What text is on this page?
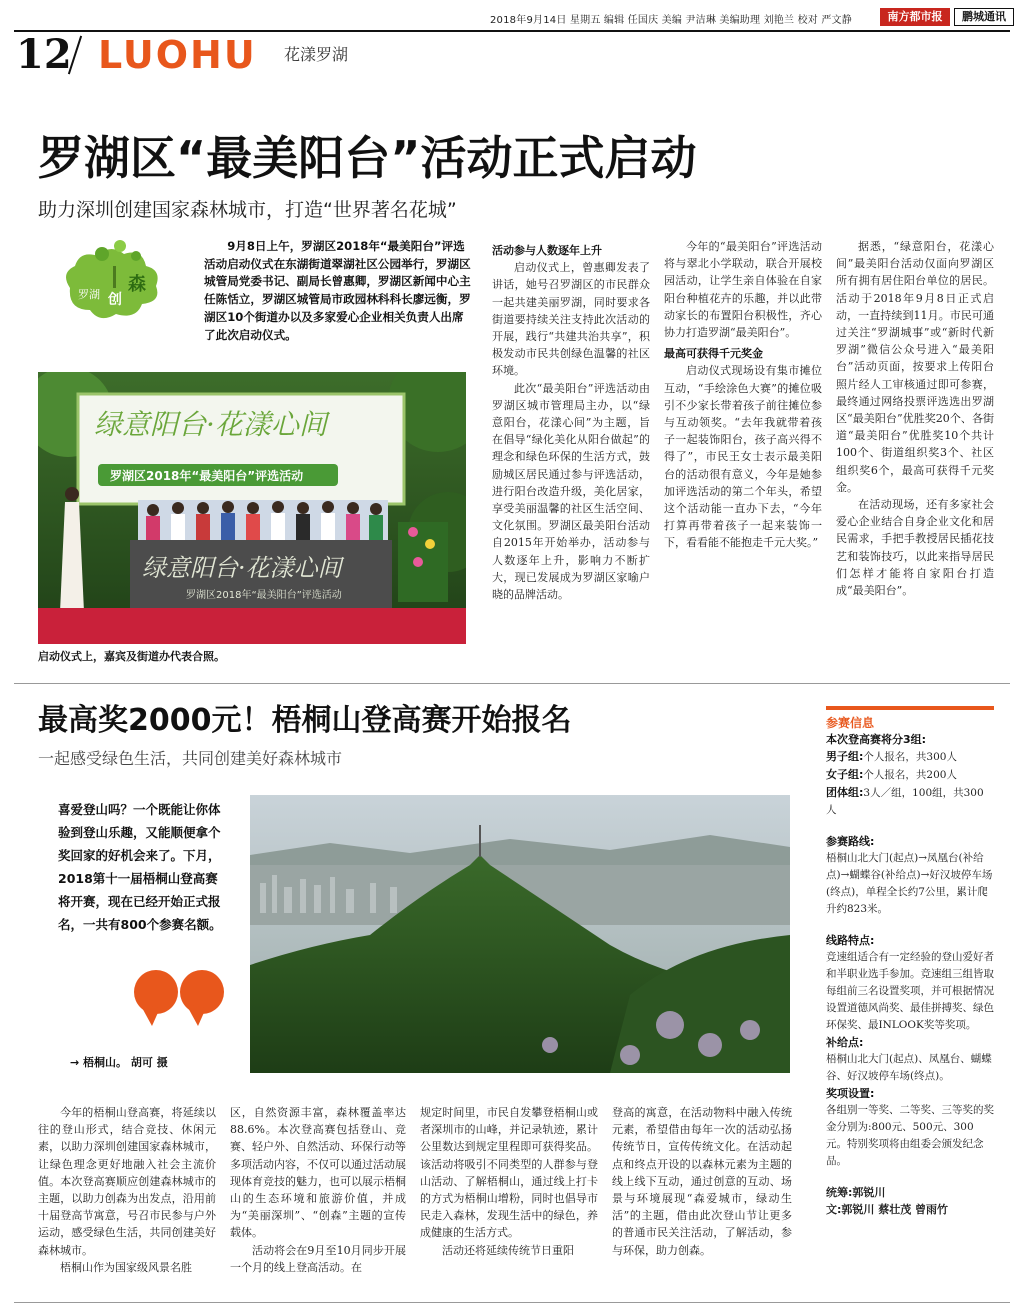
2018年9月14日 星期五 编辑 任国庆 美编 尹洁琳 美编助理 刘艳兰 校对 严文静	南方都市报	鹏城通讯
12 LUOHU 花漾罗湖
罗湖区“最美阳台”活动正式启动
助力深圳创建国家森林城市，打造“世界著名花城”
罗湖 创
森
9月8日上午，罗湖区2018年“最美阳台”评选活动启动仪式在东湖街道翠湖社区公园举行，罗湖区城管局党委书记、副局长曾惠卿，罗湖区新闻中心主任陈恬立，罗湖区城管局市政园林科科长廖远衡，罗湖区10个街道办以及多家爱心企业相关负责人出席了此次启动仪式。
绿意阳台·花漾心间
罗湖区2018年“最美阳台”评选活动
绿意阳台·花漾心间
罗湖区2018年“最美阳台”评选活动
启动仪式上，嘉宾及街道办代表合照。

活动参与人数逐年上升

启动仪式上，曾惠卿发表了讲话，她号召罗湖区的市民群众一起共建美丽罗湖，同时要求各街道要持续关注支持此次活动的开展，践行“共建共治共享”，积极发动市民共创绿色温馨的社区环境。

此次“最美阳台”评选活动由罗湖区城市管理局主办，以“绿意阳台，花漾心间”为主题，旨在倡导“绿化美化从阳台做起”的理念和绿色环保的生活方式，鼓励城区居民通过参与评选活动，进行阳台改造升级，美化居家，享受美丽温馨的社区生活空间、文化氛围。罗湖区最美阳台活动自2015年开始举办，活动参与人数逐年上升，影响力不断扩大，现已发展成为罗湖区家喻户晓的品牌活动。

今年的“最美阳台”评选活动将与翠北小学联动，联合开展校园活动，让学生亲自体验在自家阳台种植花卉的乐趣，并以此带动家长的布置阳台积极性，齐心协力打造罗湖“最美阳台”。

最高可获得千元奖金

启动仪式现场设有集市摊位互动，“手绘涂色大赛”的摊位吸引不少家长带着孩子前往摊位参与互动领奖。“去年我就带着孩子一起装饰阳台，孩子高兴得不得了”，市民王女士表示最美阳台的活动很有意义，今年是她参加评选活动的第二个年头，希望这个活动能一直办下去，“今年打算再带着孩子一起来装饰一下，看看能不能抱走千元大奖。”

据悉，“绿意阳台，花漾心间”最美阳台活动仅面向罗湖区所有拥有居住阳台单位的居民。活动于2018年9月8日正式启动，一直持续到11月。市民可通过关注“罗湖城事”或“新时代新罗湖”微信公众号进入“最美阳台”活动页面，按要求上传阳台照片经人工审核通过即可参赛，最终通过网络投票评选选出罗湖区“最美阳台”优胜奖20个、各街道“最美阳台”优胜奖10个共计100个、街道组织奖3个、社区组织奖6个，最高可获得千元奖金。

在活动现场，还有多家社会爱心企业结合自身企业文化和居民需求，手把手教授居民插花技艺和装饰技巧，以此来指导居民们怎样才能将自家阳台打造成“最美阳台”。

最高奖2000元！梧桐山登高赛开始报名
一起感受绿色生活，共同创建美好森林城市
喜爱登山吗？一个既能让你体验到登山乐趣，又能顺便拿个奖回家的好机会来了。下月，2018第十一届梧桐山登高赛将开赛，现在已经开始正式报名，一共有800个参赛名额。
→ 梧桐山。 胡可 摄

今年的梧桐山登高赛，将延续以往的登山形式，结合竞技、休闲元素，以助力深圳创建国家森林城市，让绿色理念更好地融入社会主流价值。本次登高赛顺应创建森林城市的主题，以助力创森为出发点，沿用前十届登高节寓意，号召市民参与户外运动，感受绿色生活，共同创建美好森林城市。

梧桐山作为国家级风景名胜

区，自然资源丰富，森林覆盖率达88.6%。本次登高赛包括登山、竞赛、轻户外、自然活动、环保行动等多项活动内容，不仅可以通过活动展现体育竞技的魅力，也可以展示梧桐山的生态环境和旅游价值，并成为“美丽深圳”、“创森”主题的宣传载体。

活动将会在9月至10月同步开展一个月的线上登高活动。在

规定时间里，市民自发攀登梧桐山或者深圳市的山峰，并记录轨迹，累计公里数达到规定里程即可获得奖品。该活动将吸引不同类型的人群参与登山活动、了解梧桐山，通过线上打卡的方式为梧桐山增粉，同时也倡导市民走入森林，发现生活中的绿色，养成健康的生活方式。

活动还将延续传统节日重阳

登高的寓意，在活动物料中融入传统元素，希望借由每年一次的活动弘扬传统节日，宣传传统文化。在活动起点和终点开设的以森林元素为主题的线上线下互动，通过创意的互动、场景与环境展现“森爱城市，绿动生活”的主题，借由此次登山节让更多的普通市民关注活动，了解活动，参与环保，助力创森。

参赛信息
本次登高赛将分3组:
男子组:个人报名，共300人
女子组:个人报名，共200人
团体组:3人／组，100组，共300人
参赛路线:
梧桐山北大门(起点)→凤凰台(补给点)→蝴蝶谷(补给点)→好汉坡停车场(终点)，单程全长约7公里，累计爬升约823米。
线路特点:
竞速组适合有一定经验的登山爱好者和半职业选手参加。竞速组三组皆取每组前三名设置奖项，并可根据情况设置道德风尚奖、最佳拼搏奖、绿色环保奖、最INLOOK奖等奖项。
补给点:
梧桐山北大门(起点)、凤凰台、蝴蝶谷、好汉坡停车场(终点)。
奖项设置:
各组别一等奖、二等奖、三等奖的奖金分别为:800元、500元、300元。特别奖项将由组委会颁发纪念品。
统筹:郭锐川
文:郭锐川 蔡壮茂 曾雨竹
